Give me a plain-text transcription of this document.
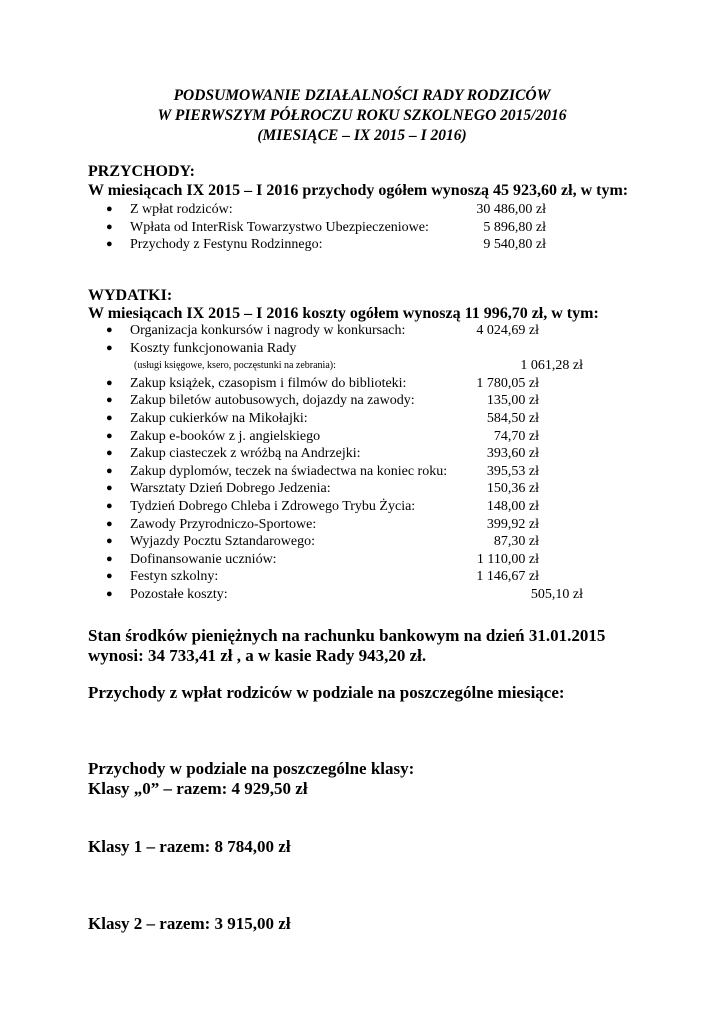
PODSUMOWANIE DZIAŁALNOŚCI RADY RODZICÓW
W PIERWSZYM PÓŁROCZU ROKU SZKOLNEGO 2015/2016
(MIESIĄCE – IX 2015 – I 2016)
PRZYCHODY:
W miesiącach IX 2015 – I 2016 przychody ogółem wynoszą 45 923,60 zł, w tym:
● Z wpłat rodziców:	30 486,00 zł
● Wpłata od InterRisk Towarzystwo Ubezpieczeniowe:	5 896,80 zł
● Przychody z Festynu Rodzinnego:	9 540,80 zł
WYDATKI:
W miesiącach IX 2015 – I 2016 koszty ogółem wynoszą 11 996,70 zł, w tym:
● Organizacja konkursów i nagrody w konkursach:	4 024,69 zł
● Koszty funkcjonowania Rady
(usługi księgowe, ksero, poczęstunki na zebrania):	1 061,28 zł
● Zakup książek, czasopism i filmów do biblioteki:	1 780,05 zł
● Zakup biletów autobusowych, dojazdy na zawody:	135,00 zł
● Zakup cukierków na Mikołajki:	584,50 zł
● Zakup e-booków z j. angielskiego	74,70 zł
● Zakup ciasteczek z wróżbą na Andrzejki:	393,60 zł
● Zakup dyplomów, teczek na świadectwa na koniec roku:	395,53 zł
● Warsztaty Dzień Dobrego Jedzenia:	150,36 zł
● Tydzień Dobrego Chleba i Zdrowego Trybu Życia:	148,00 zł
● Zawody Przyrodniczo-Sportowe:	399,92 zł
● Wyjazdy Pocztu Sztandarowego:	87,30 zł
● Dofinansowanie uczniów:	1 110,00 zł
● Festyn szkolny:	1 146,67 zł
● Pozostałe koszty:	505,10 zł
Stan środków pieniężnych na rachunku bankowym na dzień 31.01.2015
wynosi: 34 733,41 zł , a w kasie Rady 943,20 zł.
Przychody z wpłat rodziców w podziale na poszczególne miesiące:
Przychody w podziale na poszczególne klasy:
Klasy „0” – razem: 4 929,50 zł
Klasy 1 – razem: 8 784,00 zł
Klasy 2 – razem: 3 915,00 zł
